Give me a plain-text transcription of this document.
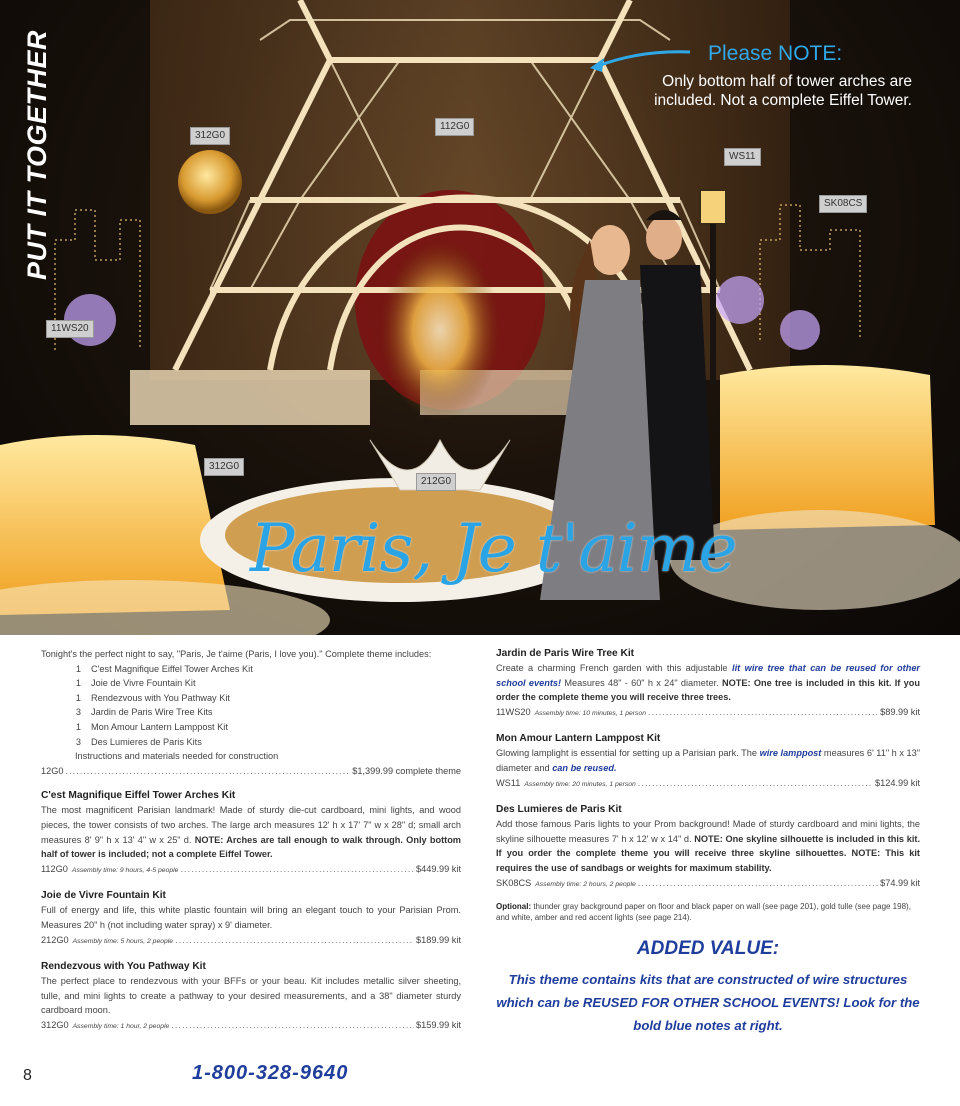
PUT IT TOGETHER	Please NOTE:
Only bottom half of tower arches are included. Not a complete Eiffel Tower.
312G0
112G0
WS11
SK08CS
11WS20
312G0
212G0
Paris, Je t'aime
Tonight's the perfect night to say, "Paris, Je t'aime (Paris, I love you)." Complete theme includes:
1 C'est Magnifique Eiffel Tower Arches Kit
1 Joie de Vivre Fountain Kit
1 Rendezvous with You Pathway Kit
3 Jardin de Paris Wire Tree Kits
1 Mon Amour Lantern Lamppost Kit
3 Des Lumieres de Paris Kits
Instructions and materials needed for construction
12G0 .....	$1,399.99 complete theme
C'est Magnifique Eiffel Tower Arches Kit
The most magnificent Parisian landmark! Made of sturdy die-cut cardboard, mini lights, and wood pieces, the tower consists of two arches. The large arch measures 12' h x 17' 7" w x 28" d; small arch measures 8' 9" h x 13' 4" w x 25" d. NOTE: Arches are tall enough to walk through. Only bottom half of tower is included; not a complete Eiffel Tower.
112G0 Assembly time: 9 hours, 4-5 people .....	$449.99 kit
Joie de Vivre Fountain Kit
Full of energy and life, this white plastic fountain will bring an elegant touch to your Parisian Prom. Measures 20" h (not including water spray) x 9' diameter.
212G0 Assembly time: 5 hours, 2 people .....	$189.99 kit
Rendezvous with You Pathway Kit
The perfect place to rendezvous with your BFFs or your beau. Kit includes metallic silver sheeting, tulle, and mini lights to create a pathway to your desired measurements, and a 38" diameter sturdy cardboard moon.
312G0 Assembly time: 1 hour, 2 people .....	$159.99 kit
Jardin de Paris Wire Tree Kit
Create a charming French garden with this adjustable lit wire tree that can be reused for other school events! Measures 48" - 60" h x 24" diameter. NOTE: One tree is included in this kit. If you order the complete theme you will receive three trees.
11WS20 Assembly time: 10 minutes, 1 person .....	$89.99 kit
Mon Amour Lantern Lamppost Kit
Glowing lamplight is essential for setting up a Parisian park. The wire lamppost measures 6' 11" h x 13" diameter and can be reused.
WS11 Assembly time: 20 minutes, 1 person .....	$124.99 kit
Des Lumieres de Paris Kit
Add those famous Paris lights to your Prom background! Made of sturdy cardboard and mini lights, the skyline silhouette measures 7' h x 12' w x 14" d. NOTE: One skyline silhouette is included in this kit. If you order the complete theme you will receive three skyline silhouettes. NOTE: This kit requires the use of sandbags or weights for maximum stability.
SK08CS Assembly time: 2 hours, 2 people .....	$74.99 kit
Optional: thunder gray background paper on floor and black paper on wall (see page 201), gold tulle (see page 198), and white, amber and red accent lights (see page 214).
ADDED VALUE:
This theme contains kits that are constructed of wire structures which can be REUSED FOR OTHER SCHOOL EVENTS! Look for the bold blue notes at right.
8	1-800-328-9640
